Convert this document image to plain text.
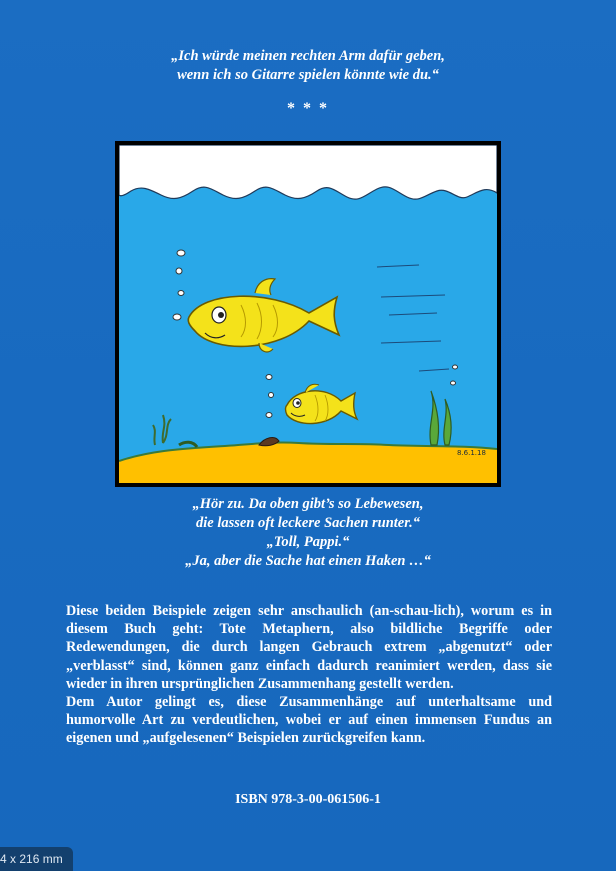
„Ich würde meinen rechten Arm dafür geben,
wenn ich so Gitarre spielen könnte wie du.“
* * *
8.6.1.18
„Hör zu. Da oben gibt’s so Lebewesen,
die lassen oft leckere Sachen runter.“
„Toll, Pappi.“
„Ja, aber die Sache hat einen Haken …“

Diese beiden Beispiele zeigen sehr anschaulich (an-schau-lich), worum es in diesem Buch geht: Tote Metaphern, also bildliche Begriffe oder Redewendungen, die durch langen Gebrauch extrem „abgenutzt“ oder „verblasst“ sind, können ganz einfach dadurch reanimiert werden, dass sie wieder in ihren ursprünglichen Zusammenhang gestellt werden.

Dem Autor gelingt es, diese Zusammenhänge auf unterhaltsame und humorvolle Art zu verdeutlichen, wobei er auf einen immensen Fundus an eigenen und „aufgelesenen“ Beispielen zurückgreifen kann.

ISBN 978-3-00-061506-1
4 x 216 mm
